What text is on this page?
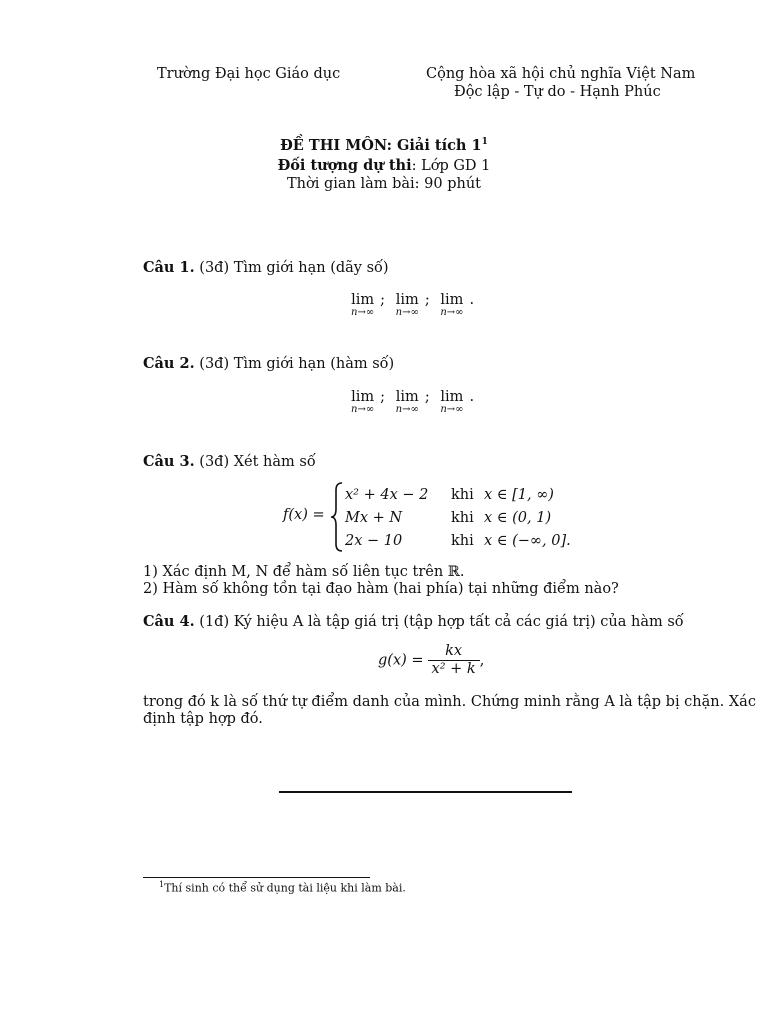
Trường Đại học Giáo dục	Cộng hòa xã hội chủ nghĩa Việt Nam
Độc lập - Tự do - Hạnh Phúc
ĐỀ THI MÔN: Giải tích $1^1$
Đối tượng dự thi: Lớp GD 1
Thời gian làm bài: 90 phút
Câu 1. (3đ) Tìm giới hạn (dãy số)
lim
n→∞
; lim
n→∞
; lim
n→∞
.
Câu 2. (3đ) Tìm giới hạn (hàm số)
lim
n→∞
; lim
n→∞
; lim
n→∞
.
Câu 3. (3đ) Xét hàm số
f(x) =
x² + 4x − 2	khi	x ∈ [1, ∞)
Mx + N	khi	x ∈ (0, 1)
2x − 10	khi	x ∈ (−∞, 0].
1) Xác định M, N để hàm số liên tục trên ℝ.
2) Hàm số không tồn tại đạo hàm (hai phía) tại những điểm nào?
Câu 4. (1đ) Ký hiệu A là tập giá trị (tập hợp tất cả các giá trị) của hàm số
$g(x) = \frac{kx}{\text{x² + k}}$ ,
trong đó k là số thứ tự điểm danh của mình. Chứng minh rằng A là tập bị chặn. Xác
định tập hợp đó.
$^1$Thí sinh có thể sử dụng tài liệu khi làm bài.
